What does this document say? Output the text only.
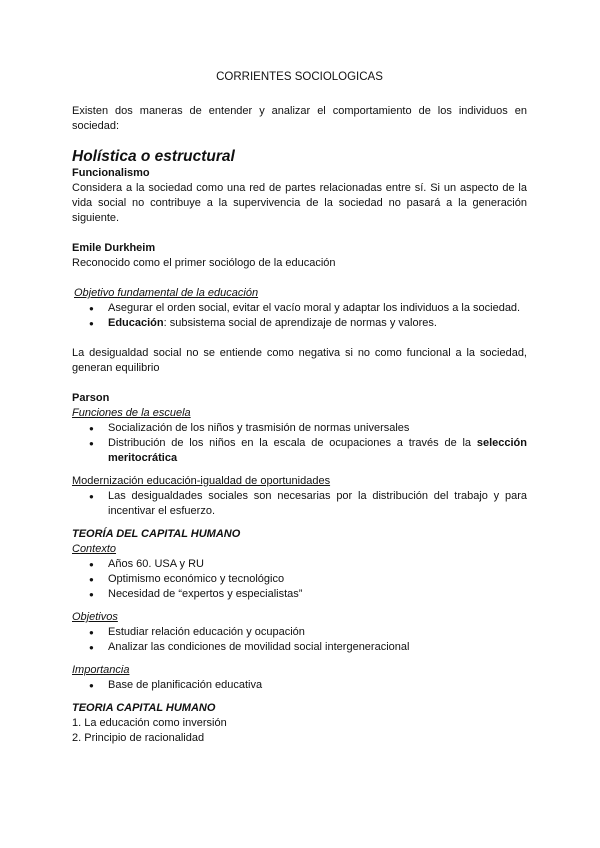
CORRIENTES SOCIOLOGICAS

Existen dos maneras de entender y analizar el comportamiento de los individuos en sociedad:

Holística o estructural

Funcionalismo

Considera a la sociedad como una red de partes relacionadas entre sí. Si un aspecto de la vida social no contribuye a la supervivencia de la sociedad no pasará a la generación siguiente.

Emile Durkheim

Reconocido como el primer sociólogo de la educación

Objetivo fundamental de la educación

● Asegurar el orden social, evitar el vacío moral y adaptar los individuos a la sociedad.
● Educación: subsistema social de aprendizaje de normas y valores.

La desigualdad social no se entiende como negativa si no como funcional a la sociedad, generan equilibrio

Parson

Funciones de la escuela

● Socialización de los niños y trasmisión de normas universales
● Distribución de los niños en la escala de ocupaciones a través de la selección meritocrática

Modernización educación-igualdad de oportunidades

● Las desigualdades sociales son necesarias por la distribución del trabajo y para incentivar el esfuerzo.

TEORÍA DEL CAPITAL HUMANO

Contexto

● Años 60. USA y RU
● Optimismo económico y tecnológico
● Necesidad de “expertos y especialistas”

Objetivos

● Estudiar relación educación y ocupación
● Analizar las condiciones de movilidad social intergeneracional

Importancia

● Base de planificación educativa

TEORIA CAPITAL HUMANO

1. La educación como inversión

2. Principio de racionalidad
